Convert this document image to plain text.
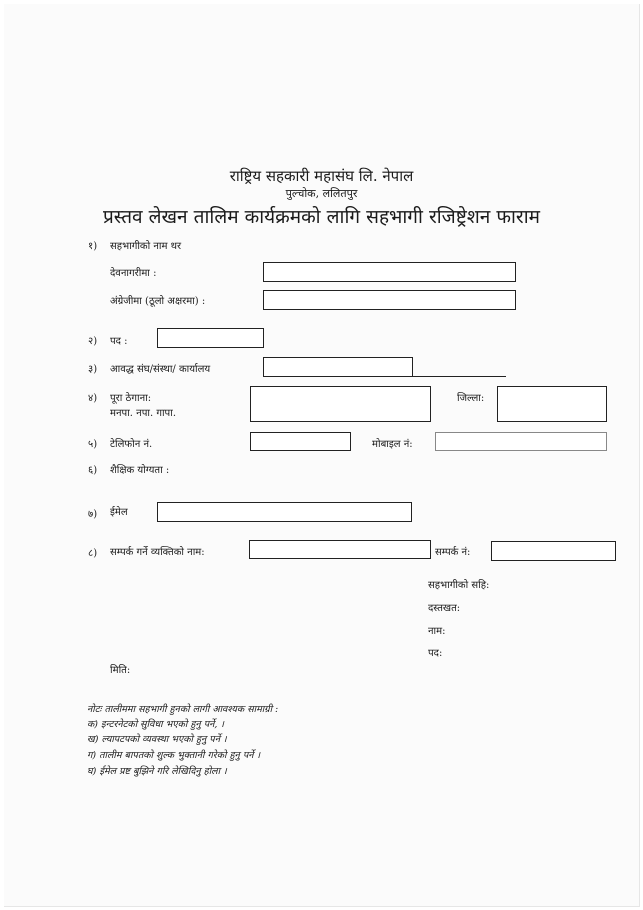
राष्ट्रिय सहकारी महासंघ लि. नेपाल
पुल्चोक, ललितपुर
प्रस्तव लेखन तालिम कार्यक्रमको लागि सहभागी रजिष्ट्रेशन फाराम
१) सहभागीको नाम थर
देवनागरीमा :
अंग्रेजीमा (ठूलो अक्षरमा) :
२) पद :
३) आवद्ध संघ/संस्था/ कार्यालय
४) पूरा ठेगाना:
मनपा. नपा. गापा.
जिल्ला:
५) टेलिफोन नं.	मोबाइल नं:
६) शैक्षिक योग्यता :
७) ईमेल
८) सम्पर्क गर्ने व्यक्तिको नाम:	सम्पर्क नं:
सहभागीको सहि:
दस्तखत:
नाम:
पद:
मिति:
नोटः तालीममा सहभागी हुनको लागी आवश्यक सामाग्री :
क) इन्टरनेटको सुविधा भएको हुनु पर्ने, ।
ख) ल्यापटपको व्यवस्था भएको हुनु पर्ने ।
ग) तालीम बापतको शुल्क भुक्तानी गरेको हुनु पर्ने ।
घ) ईमेल प्रष्ट बुझिने गरि लेखिदिनु होला ।
